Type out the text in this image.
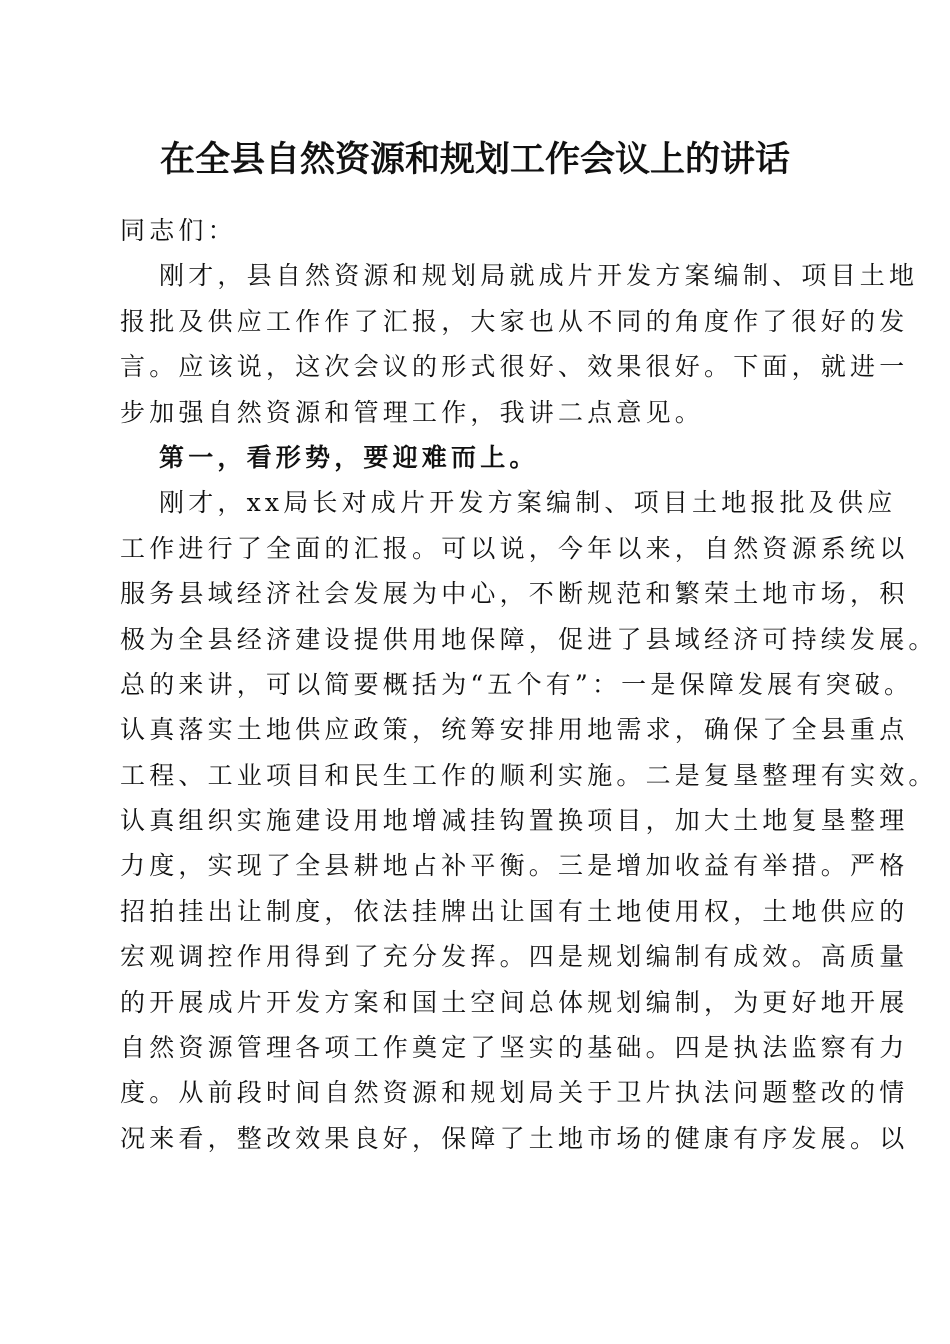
在全县自然资源和规划工作会议上的讲话
同志们：
刚才，县自然资源和规划局就成片开发方案编制、项目土地
报批及供应工作作了汇报，大家也从不同的角度作了很好的发
言。应该说，这次会议的形式很好、效果很好。下面，就进一
步加强自然资源和管理工作，我讲二点意见。
第一，看形势，要迎难而上。
刚才，xx局长对成片开发方案编制、项目土地报批及供应
工作进行了全面的汇报。可以说，今年以来，自然资源系统以
服务县域经济社会发展为中心，不断规范和繁荣土地市场，积
极为全县经济建设提供用地保障，促进了县域经济可持续发展。
总的来讲，可以简要概括为“五个有”：一是保障发展有突破。
认真落实土地供应政策，统筹安排用地需求，确保了全县重点
工程、工业项目和民生工作的顺利实施。二是复垦整理有实效。
认真组织实施建设用地增减挂钩置换项目，加大土地复垦整理
力度，实现了全县耕地占补平衡。三是增加收益有举措。严格
招拍挂出让制度，依法挂牌出让国有土地使用权，土地供应的
宏观调控作用得到了充分发挥。四是规划编制有成效。高质量
的开展成片开发方案和国土空间总体规划编制，为更好地开展
自然资源管理各项工作奠定了坚实的基础。四是执法监察有力
度。从前段时间自然资源和规划局关于卫片执法问题整改的情
况来看，整改效果良好，保障了土地市场的健康有序发展。以
